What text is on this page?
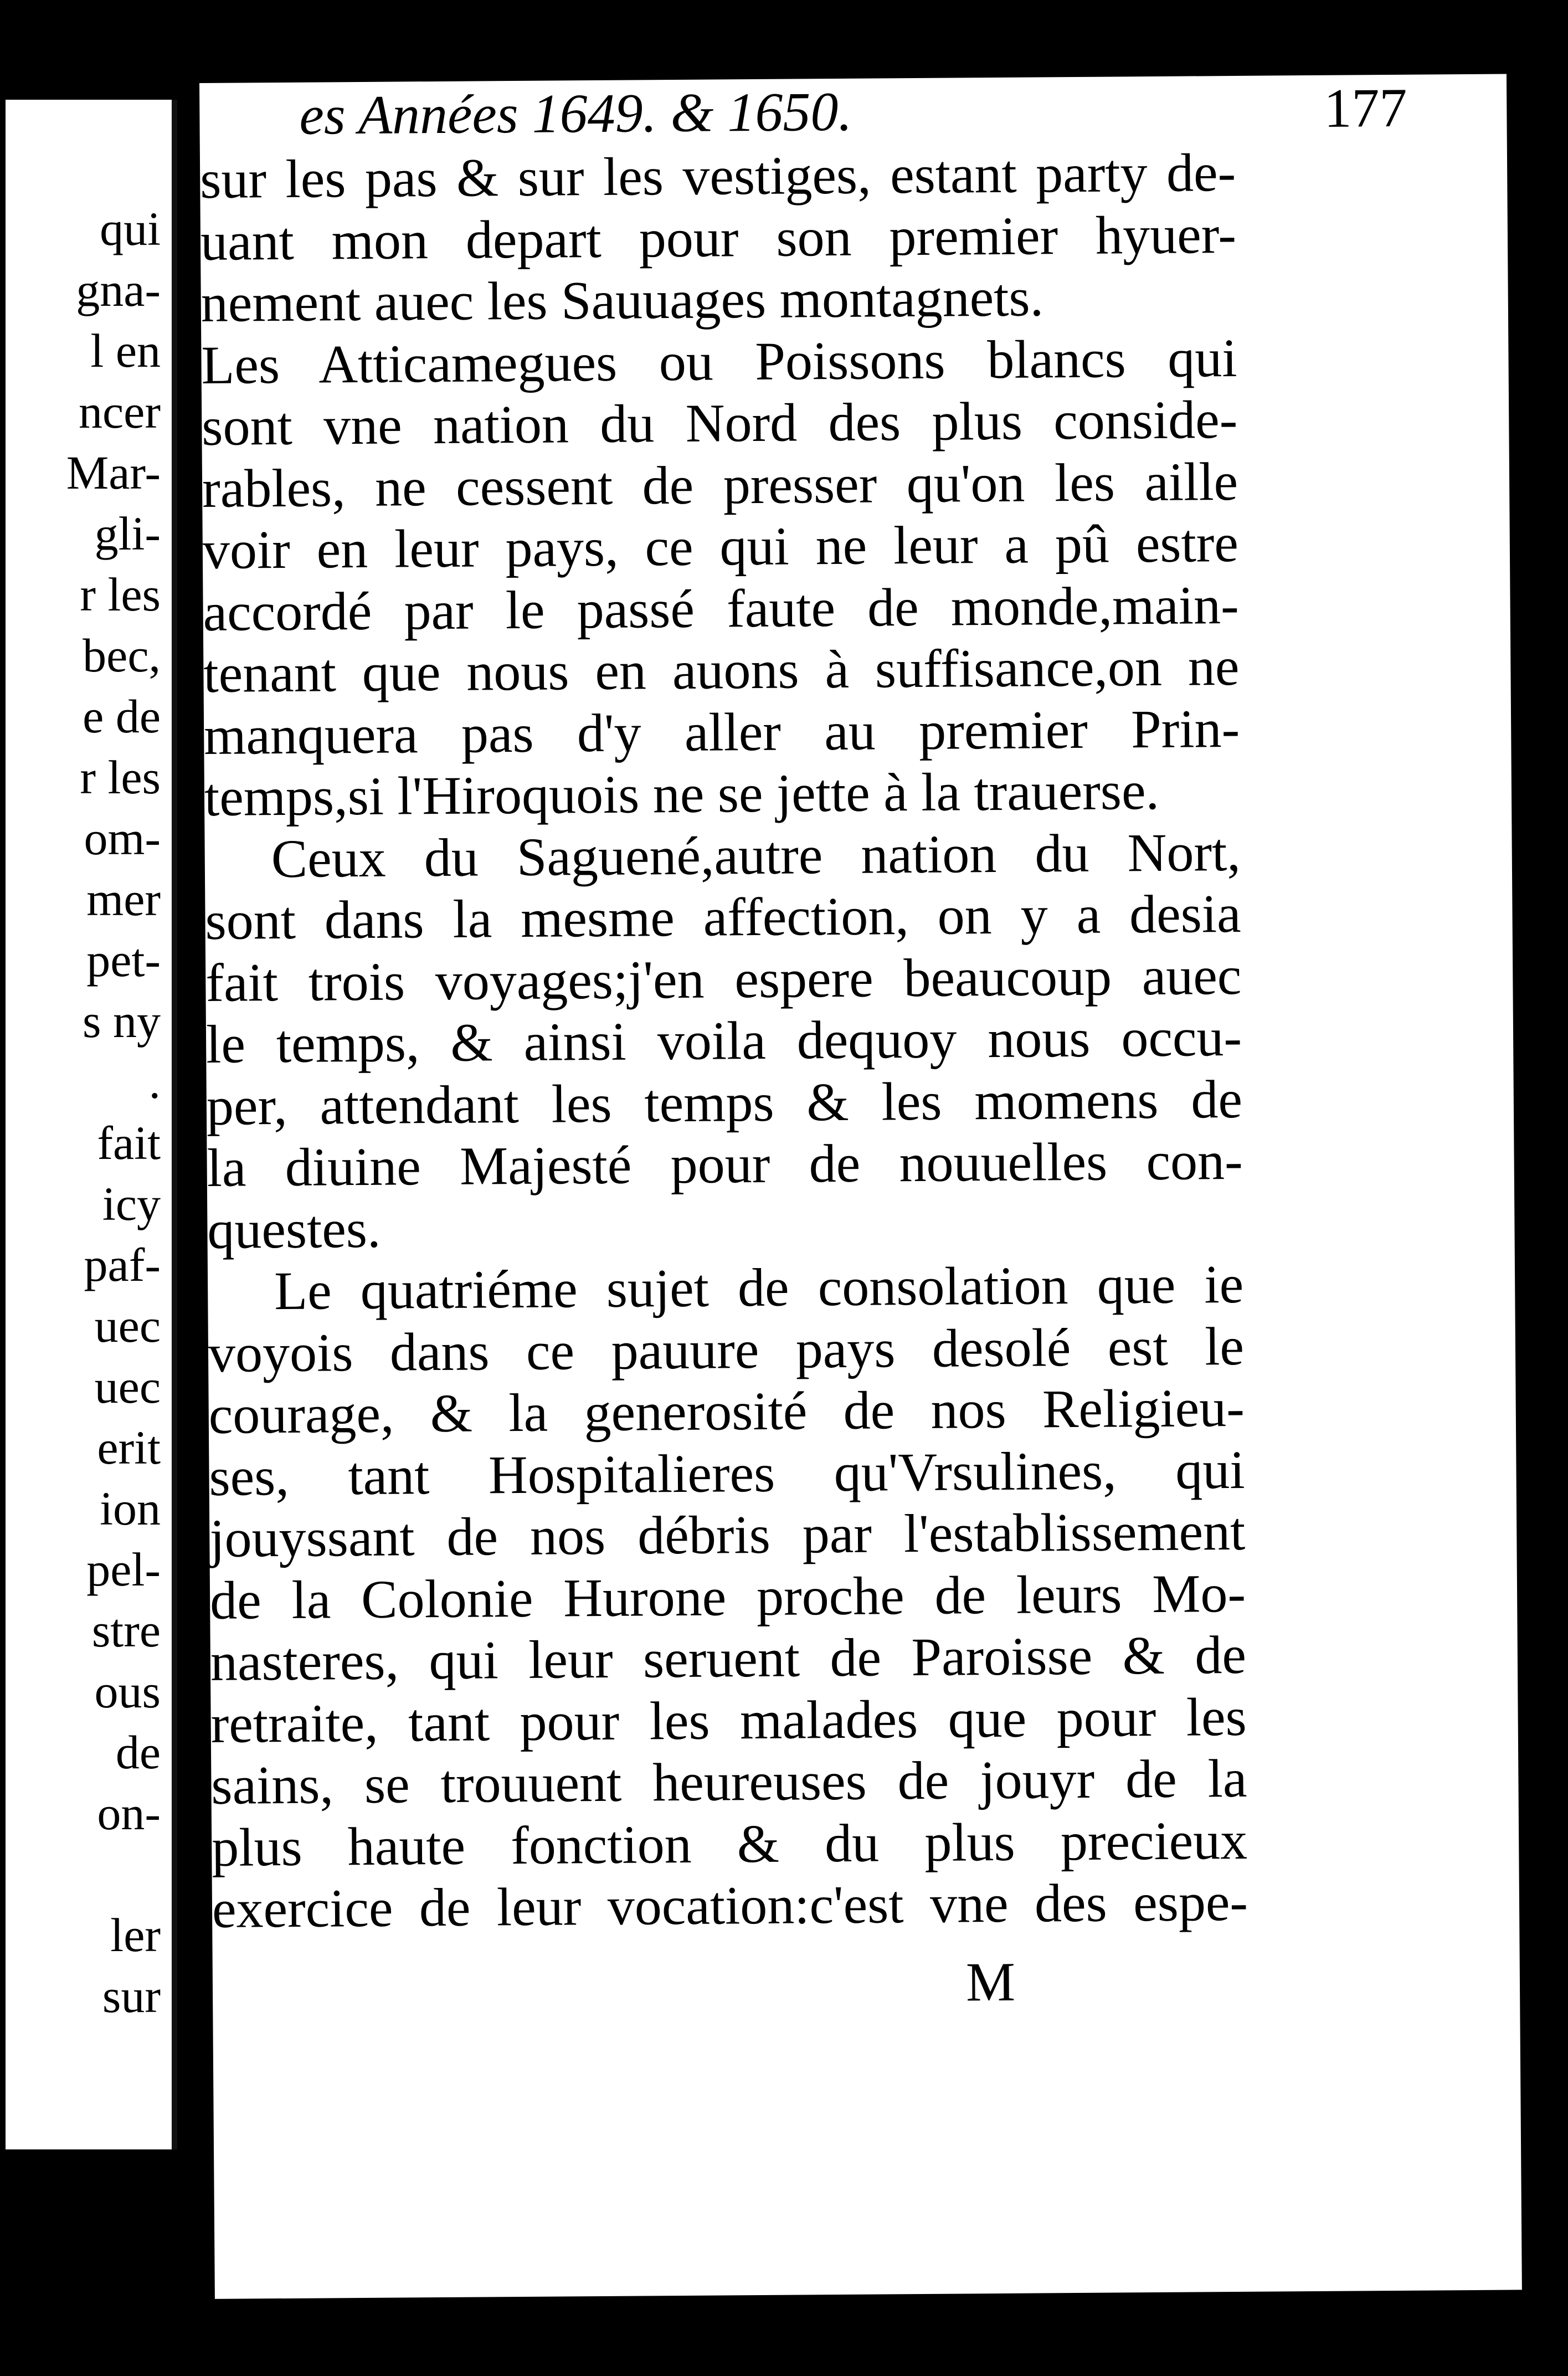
qui
gna-
l en
ncer
Mar-
gli-
r les
bec,
e de
r les
om-
mer
pet-
s ny
.
fait
icy
paf-
uec
uec
erit
ion
pel-
stre
ous
de
on-
ler
sur
es Années 1649. & 1650.	177
sur les pas & sur les vestiges, estant party de-
uant mon depart pour son premier hyuer-
nement auec les Sauuages montagnets.
Les Atticamegues ou Poissons blancs qui
sont vne nation du Nord des plus conside-
rables, ne cessent de presser qu'on les aille
voir en leur pays, ce qui ne leur a pû estre
accordé par le passé faute de monde,main-
tenant que nous en auons à suffisance,on ne
manquera pas d'y aller au premier Prin-
temps,si l'Hiroquois ne se jette à la trauerse.
Ceux du Saguené,autre nation du Nort,
sont dans la mesme affection, on y a desia
fait trois voyages;j'en espere beaucoup auec
le temps, & ainsi voila dequoy nous occu-
per, attendant les temps & les momens de
la diuine Majesté pour de nouuelles con-
questes.
Le quatriéme sujet de consolation que ie
voyois dans ce pauure pays desolé est le
courage, & la generosité de nos Religieu-
ses, tant Hospitalieres qu'Vrsulines, qui
jouyssant de nos débris par l'establissement
de la Colonie Hurone proche de leurs Mo-
nasteres, qui leur seruent de Paroisse & de
retraite, tant pour les malades que pour les
sains, se trouuent heureuses de jouyr de la
plus haute fonction & du plus precieux
exercice de leur vocation:c'est vne des espe-
M
